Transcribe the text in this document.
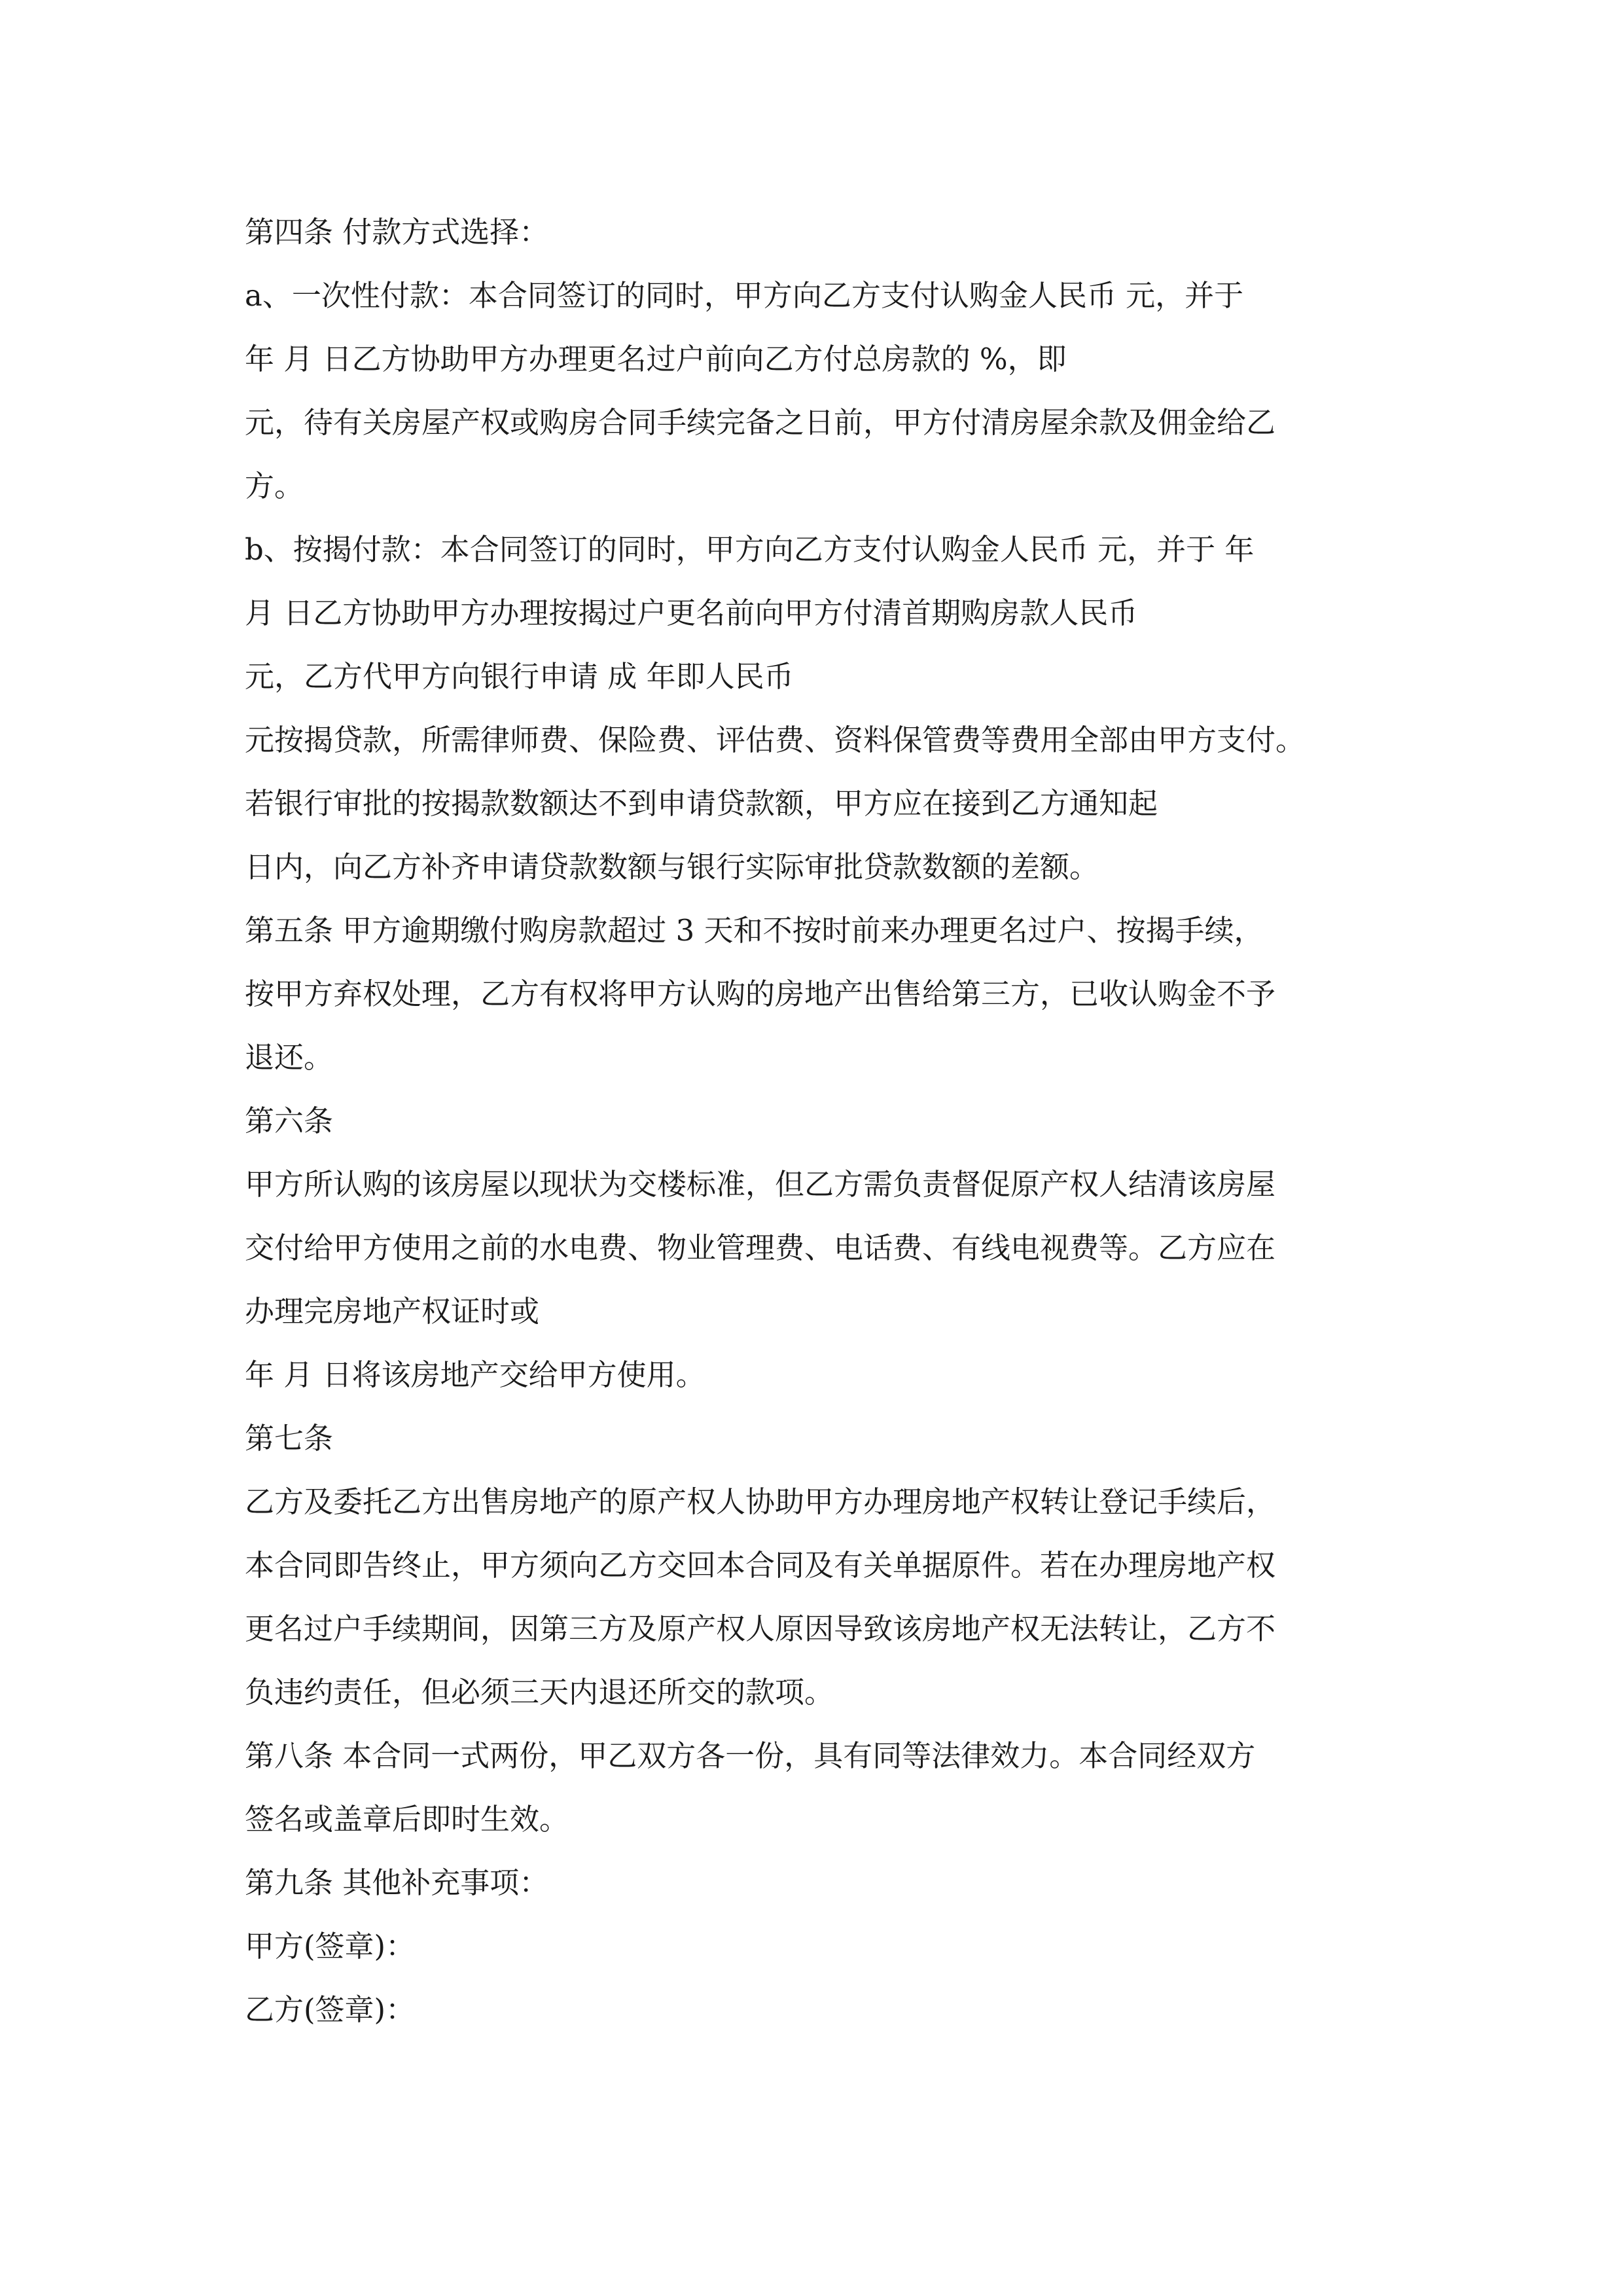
第四条 付款方式选择：
a、一次性付款：本合同签订的同时，甲方向乙方支付认购金人民币 元，并于
年 月 日乙方协助甲方办理更名过户前向乙方付总房款的 %，即
元，待有关房屋产权或购房合同手续完备之日前，甲方付清房屋余款及佣金给乙
方。
b、按揭付款：本合同签订的同时，甲方向乙方支付认购金人民币 元，并于 年
月 日乙方协助甲方办理按揭过户更名前向甲方付清首期购房款人民币
元，乙方代甲方向银行申请 成 年即人民币
元按揭贷款，所需律师费、保险费、评估费、资料保管费等费用全部由甲方支付。
若银行审批的按揭款数额达不到申请贷款额，甲方应在接到乙方通知起
日内，向乙方补齐申请贷款数额与银行实际审批贷款数额的差额。
第五条 甲方逾期缴付购房款超过 3 天和不按时前来办理更名过户、按揭手续，
按甲方弃权处理，乙方有权将甲方认购的房地产出售给第三方，已收认购金不予
退还。
第六条
甲方所认购的该房屋以现状为交楼标准，但乙方需负责督促原产权人结清该房屋
交付给甲方使用之前的水电费、物业管理费、电话费、有线电视费等。乙方应在
办理完房地产权证时或
年 月 日将该房地产交给甲方使用。
第七条
乙方及委托乙方出售房地产的原产权人协助甲方办理房地产权转让登记手续后，
本合同即告终止，甲方须向乙方交回本合同及有关单据原件。若在办理房地产权
更名过户手续期间，因第三方及原产权人原因导致该房地产权无法转让，乙方不
负违约责任，但必须三天内退还所交的款项。
第八条 本合同一式两份，甲乙双方各一份，具有同等法律效力。本合同经双方
签名或盖章后即时生效。
第九条 其他补充事项：
甲方(签章)：
乙方(签章)：
